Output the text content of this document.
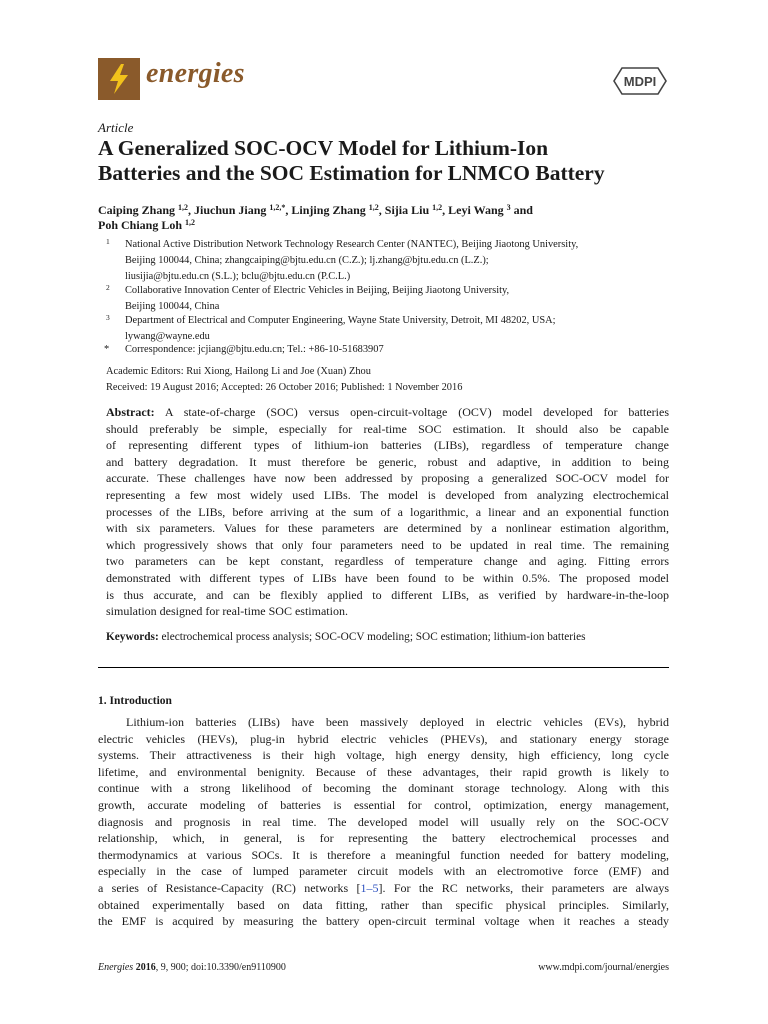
energies	MDPI
Article
A Generalized SOC-OCV Model for Lithium-Ion
Batteries and the SOC Estimation for LNMCO Battery
Caiping Zhang $^{1,2}$, Jiuchun Jiang $^{1,2,*}$, Linjing Zhang $^{1,2}$, Sijia Liu $^{1,2}$, Leyi Wang $^3$ and
Poh Chiang Loh $^{1,2}$
1 National Active Distribution Network Technology Research Center (NANTEC), Beijing Jiaotong University,
Beijing 100044, China; zhangcaiping@bjtu.edu.cn (C.Z.); lj.zhang@bjtu.edu.cn (L.Z.);
liusijia@bjtu.edu.cn (S.L.); bclu@bjtu.edu.cn (P.C.L.)
2 Collaborative Innovation Center of Electric Vehicles in Beijing, Beijing Jiaotong University,
Beijing 100044, China
3 Department of Electrical and Computer Engineering, Wayne State University, Detroit, MI 48202, USA;
lywang@wayne.edu
* Correspondence: jcjiang@bjtu.edu.cn; Tel.: +86-10-51683907
Academic Editors: Rui Xiong, Hailong Li and Joe (Xuan) Zhou
Received: 19 August 2016; Accepted: 26 October 2016; Published: 1 November 2016
Abstract: A state-of-charge (SOC) versus open-circuit-voltage (OCV) model developed for batteries
should preferably be simple, especially for real-time SOC estimation. It should also be capable
of representing different types of lithium-ion batteries (LIBs), regardless of temperature change
and battery degradation. It must therefore be generic, robust and adaptive, in addition to being
accurate. These challenges have now been addressed by proposing a generalized SOC-OCV model for
representing a few most widely used LIBs. The model is developed from analyzing electrochemical
processes of the LIBs, before arriving at the sum of a logarithmic, a linear and an exponential function
with six parameters. Values for these parameters are determined by a nonlinear estimation algorithm,
which progressively shows that only four parameters need to be updated in real time. The remaining
two parameters can be kept constant, regardless of temperature change and aging. Fitting errors
demonstrated with different types of LIBs have been found to be within 0.5%. The proposed model
is thus accurate, and can be flexibly applied to different LIBs, as verified by hardware-in-the-loop
simulation designed for real-time SOC estimation.
Keywords: electrochemical process analysis; SOC-OCV modeling; SOC estimation; lithium-ion batteries
1. Introduction
Lithium-ion batteries (LIBs) have been massively deployed in electric vehicles (EVs), hybrid
electric vehicles (HEVs), plug-in hybrid electric vehicles (PHEVs), and stationary energy storage
systems. Their attractiveness is their high voltage, high energy density, high efficiency, long cycle
lifetime, and environmental benignity. Because of these advantages, their rapid growth is likely to
continue with a strong likelihood of becoming the dominant storage technology. Along with this
growth, accurate modeling of batteries is essential for control, optimization, energy management,
diagnosis and prognosis in real time. The developed model will usually rely on the SOC-OCV
relationship, which, in general, is for representing the battery electrochemical processes and
thermodynamics at various SOCs. It is therefore a meaningful function needed for battery modeling,
especially in the case of lumped parameter circuit models with an electromotive force (EMF) and
a series of Resistance-Capacity (RC) networks [1–5]. For the RC networks, their parameters are always
obtained experimentally based on data fitting, rather than specific physical principles. Similarly,
the EMF is acquired by measuring the battery open-circuit terminal voltage when it reaches a steady
Energies 2016, 9, 900; doi:10.3390/en9110900	www.mdpi.com/journal/energies
